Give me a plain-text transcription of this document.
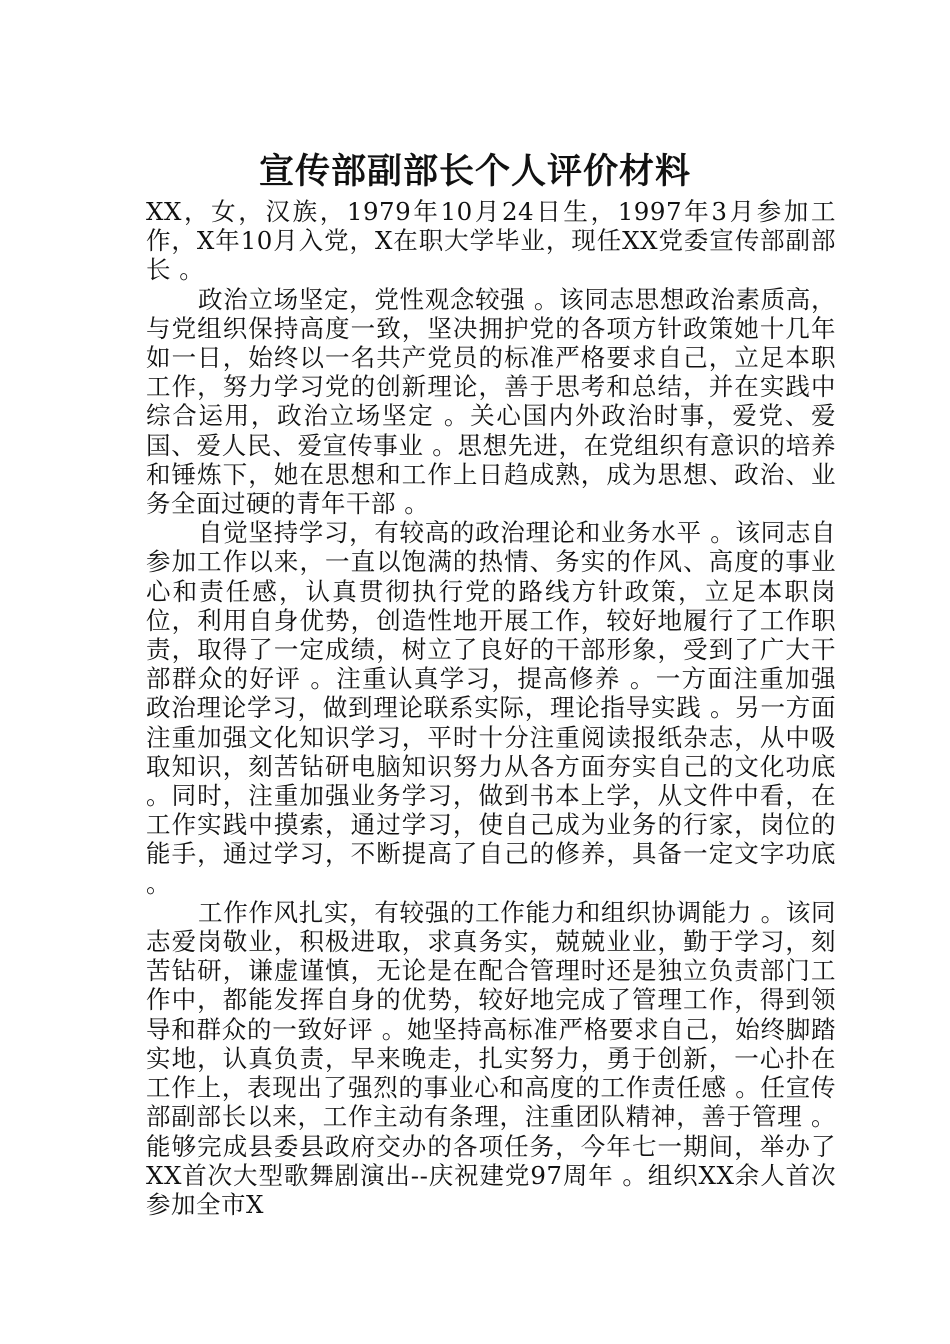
宣传部副部长个人评价材料

XX，女，汉族，1979年10月24日生，1997年3月参加工作，X年10月入党，X在职大学毕业，现任XX党委宣传部副部长 。

政治立场坚定，党性观念较强 。该同志思想政治素质高，与党组织保持高度一致，坚决拥护党的各项方针政策她十几年如一日，始终以一名共产党员的标准严格要求自己，立足本职工作，努力学习党的创新理论，善于思考和总结，并在实践中综合运用，政治立场坚定 。关心国内外政治时事，爱党、爱国、爱人民、爱宣传事业 。思想先进，在党组织有意识的培养和锤炼下，她在思想和工作上日趋成熟，成为思想、政治、业务全面过硬的青年干部 。

自觉坚持学习，有较高的政治理论和业务水平 。该同志自参加工作以来，一直以饱满的热情、务实的作风、高度的事业心和责任感，认真贯彻执行党的路线方针政策，立足本职岗位，利用自身优势，创造性地开展工作，较好地履行了工作职责，取得了一定成绩，树立了良好的干部形象，受到了广大干部群众的好评 。注重认真学习，提高修养 。一方面注重加强政治理论学习，做到理论联系实际，理论指导实践 。另一方面注重加强文化知识学习，平时十分注重阅读报纸杂志，从中吸取知识，刻苦钻研电脑知识努力从各方面夯实自己的文化功底 。同时，注重加强业务学习，做到书本上学，从文件中看，在工作实践中摸索，通过学习，使自己成为业务的行家，岗位的能手，通过学习，不断提高了自己的修养，具备一定文字功底 。

工作作风扎实，有较强的工作能力和组织协调能力 。该同志爱岗敬业，积极进取，求真务实，兢兢业业，勤于学习，刻苦钻研，谦虚谨慎，无论是在配合管理时还是独立负责部门工作中，都能发挥自身的优势，较好地完成了管理工作，得到领导和群众的一致好评 。她坚持高标准严格要求自己，始终脚踏实地，认真负责，早来晚走，扎实努力，勇于创新，一心扑在工作上，表现出了强烈的事业心和高度的工作责任感 。任宣传部副部长以来，工作主动有条理，注重团队精神，善于管理 。能够完成县委县政府交办的各项任务，今年七一期间，举办了XX首次大型歌舞剧演出--庆祝建党97周年 。组织XX余人首次参加全市X
